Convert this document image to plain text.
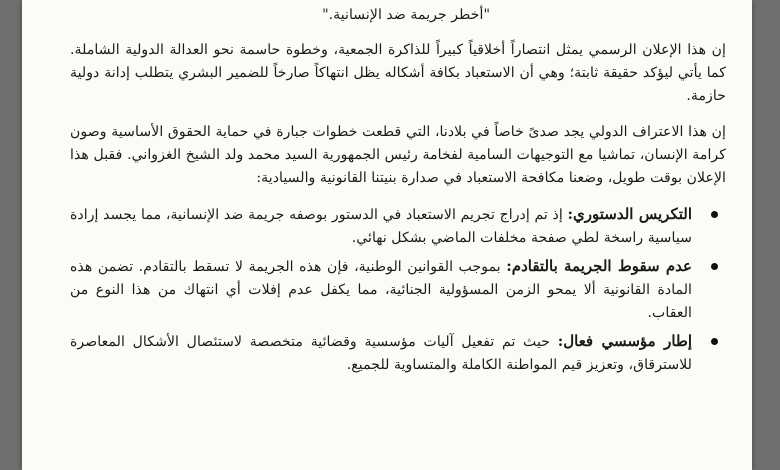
"أخطر جريمة ضد الإنسانية."

إن هذا الإعلان الرسمي يمثل انتصاراً أخلاقياً كبيراً للذاكرة الجمعية، وخطوة حاسمة نحو العدالة الدولية الشاملة. كما يأتي ليؤكد حقيقة ثابتة؛ وهي أن الاستعباد بكافة أشكاله يظل انتهاكاً صارخاً للضمير البشري يتطلب إدانة دولية حازمة.

إن هذا الاعتراف الدولي يجد صدىً خاصاً في بلادنا، التي قطعت خطوات جبارة في حماية الحقوق الأساسية وصون كرامة الإنسان، تماشيا مع التوجيهات السامية لفخامة رئيس الجمهورية السيد محمد ولد الشيخ الغزواني. فقبل هذا الإعلان بوقت طويل، وضعنا مكافحة الاستعباد في صدارة بنيتنا القانونية والسيادية:

التكريس الدستوري: إذ تم إدراج تجريم الاستعباد في الدستور بوصفه جريمة ضد الإنسانية، مما يجسد إرادة سياسية راسخة لطي صفحة مخلفات الماضي بشكل نهائي.
عدم سقوط الجريمة بالتقادم: بموجب القوانين الوطنية، فإن هذه الجريمة لا تسقط بالتقادم. تضمن هذه المادة القانونية ألا يمحو الزمن المسؤولية الجنائية، مما يكفل عدم إفلات أي انتهاك من هذا النوع من العقاب.
إطار مؤسسي فعال: حيث تم تفعيل آليات مؤسسية وقضائية متخصصة لاستئصال الأشكال المعاصرة للاسترقاق، وتعزيز قيم المواطنة الكاملة والمتساوية للجميع.
